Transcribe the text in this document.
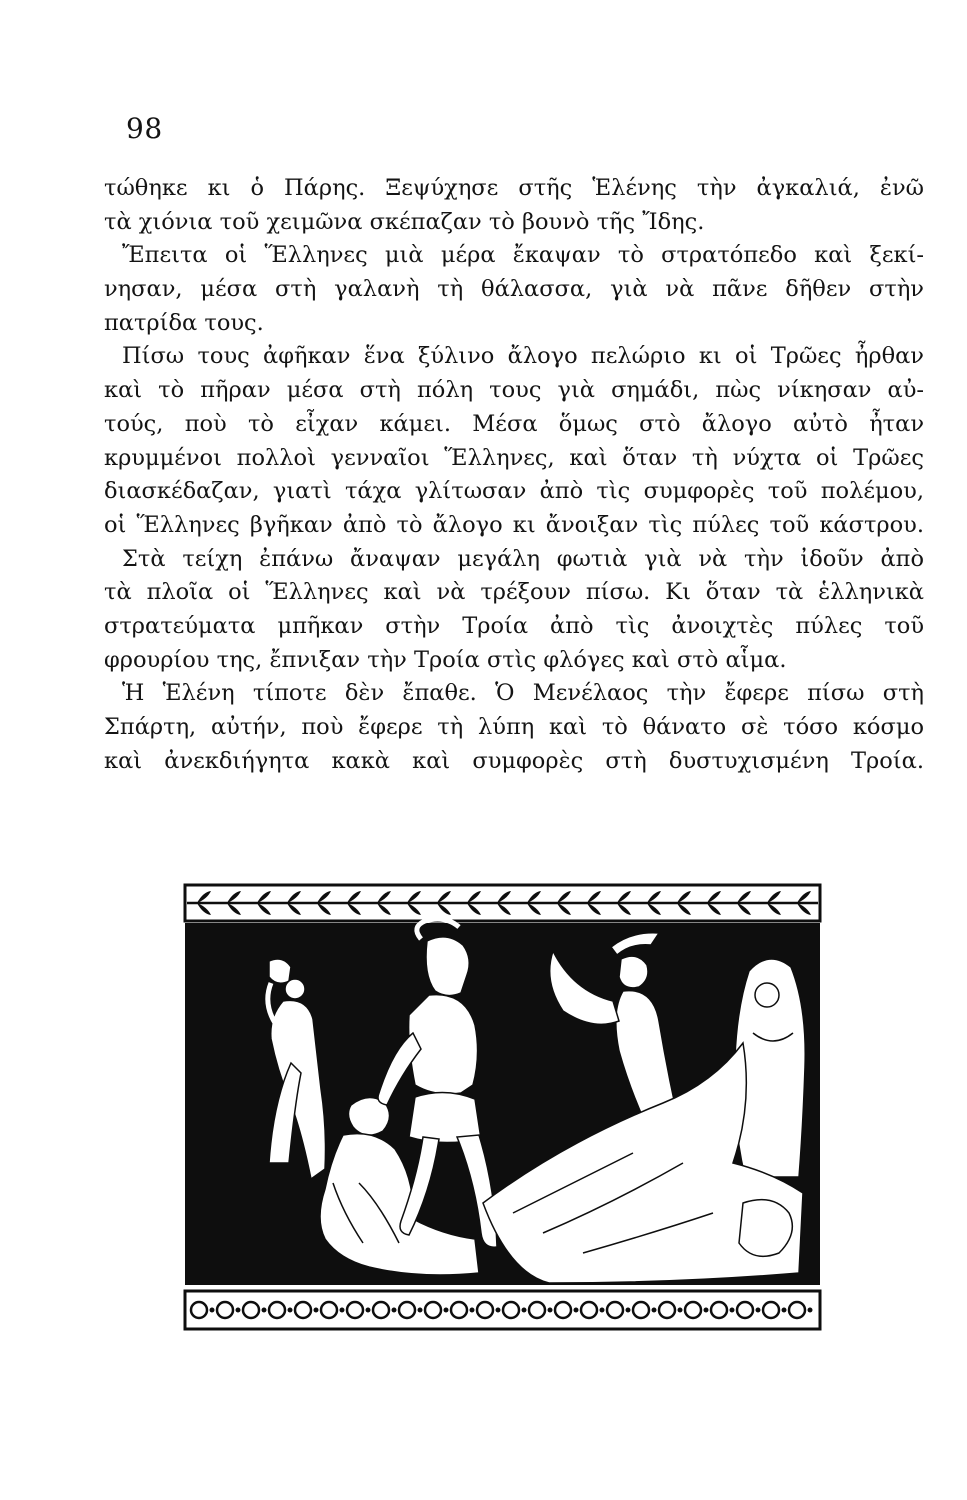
98
τώθηκε κι ὁ Πάρης. Ξεψύχησε στῆς Ἑλένης τὴν ἀγκαλιά, ἐνῶ
τὰ χιόνια τοῦ χειμῶνα σκέπαζαν τὸ βουνὸ τῆς Ἴδης.
Ἔπειτα οἱ Ἕλληνες μιὰ μέρα ἔκαψαν τὸ στρατόπεδο καὶ ξεκί-
νησαν, μέσα στὴ γαλανὴ τὴ θάλασσα, γιὰ νὰ πᾶνε δῆθεν στὴν
πατρίδα τους.
Πίσω τους ἀφῆκαν ἕνα ξύλινο ἄλογο πελώριο κι οἱ Τρῶες ἦρθαν
καὶ τὸ πῆραν μέσα στὴ πόλη τους γιὰ σημάδι, πὼς νίκησαν αὐ-
τούς, ποὺ τὸ εἶχαν κάμει. Μέσα ὅμως στὸ ἄλογο αὐτὸ ἦταν
κρυμμένοι πολλοὶ γενναῖοι Ἕλληνες, καὶ ὅταν τὴ νύχτα οἱ Τρῶες
διασκέδαζαν, γιατὶ τάχα γλίτωσαν ἀπὸ τὶς συμφορὲς τοῦ πολέμου,
οἱ Ἕλληνες βγῆκαν ἀπὸ τὸ ἄλογο κι ἄνοιξαν τὶς πύλες τοῦ κάστρου.
Στὰ τείχη ἐπάνω ἄναψαν μεγάλη φωτιὰ γιὰ νὰ τὴν ἰδοῦν ἀπὸ
τὰ πλοῖα οἱ Ἕλληνες καὶ νὰ τρέξουν πίσω. Κι ὅταν τὰ ἑλληνικὰ
στρατεύματα μπῆκαν στὴν Τροία ἀπὸ τὶς ἀνοιχτὲς πύλες τοῦ
φρουρίου της, ἔπνιξαν τὴν Τροία στὶς φλόγες καὶ στὸ αἷμα.
Ἡ Ἑλένη τίποτε δὲν ἔπαθε. Ὁ Μενέλαος τὴν ἔφερε πίσω στὴ
Σπάρτη, αὐτήν, ποὺ ἔφερε τὴ λύπη καὶ τὸ θάνατο σὲ τόσο κόσμο
καὶ ἀνεκδιήγητα κακὰ καὶ συμφορὲς στὴ δυστυχισμένη Τροία.
